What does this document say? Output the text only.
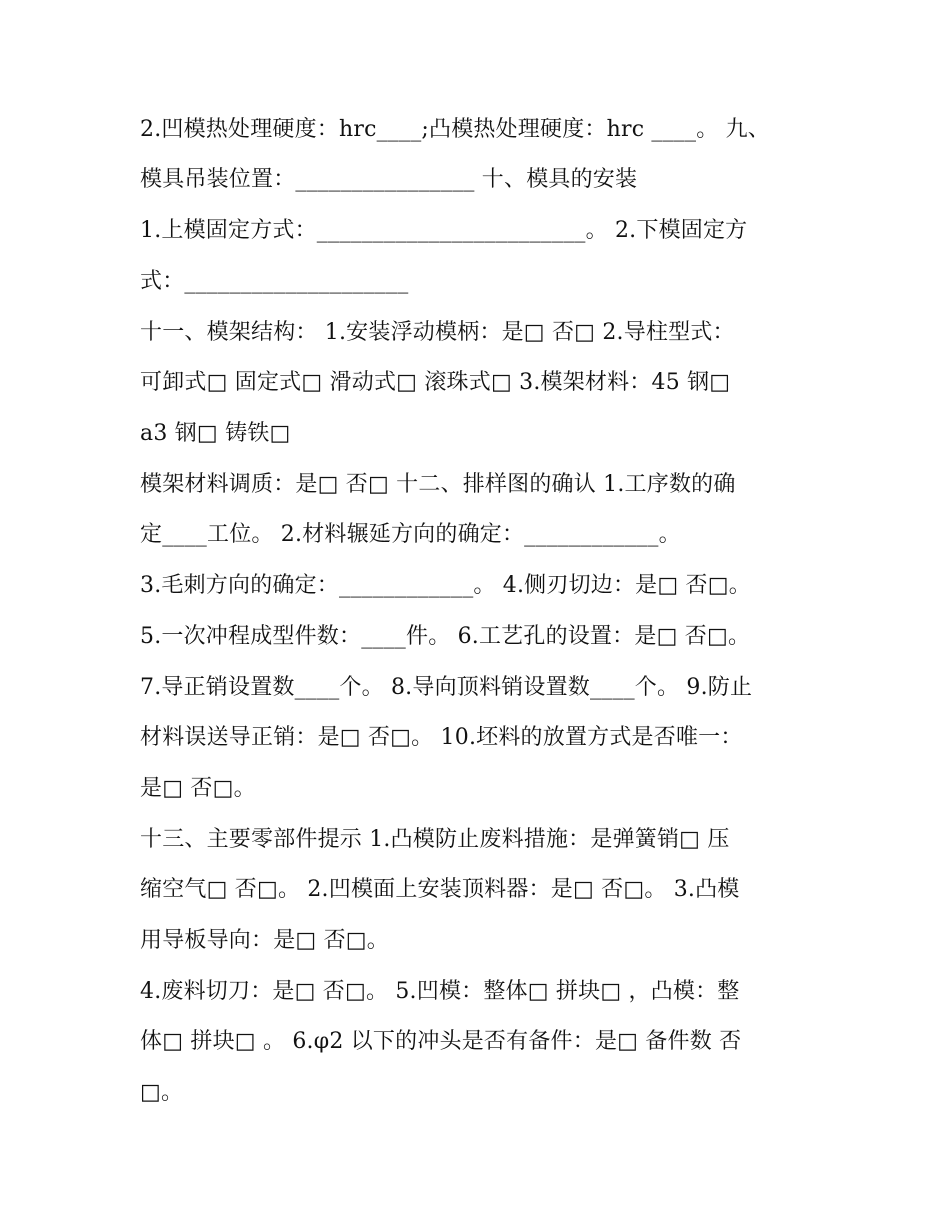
2.凹模热处理硬度：hrc____;凸模热处理硬度：hrc ____。 九、
模具吊装位置：________________ 十、模具的安装
1.上模固定方式：________________________。 2.下模固定方
式：____________________
十一、模架结构： 1.安装浮动模柄：是□ 否□ 2.导柱型式：
可卸式□ 固定式□ 滑动式□ 滚珠式□ 3.模架材料：45 钢□
a3 钢□ 铸铁□
模架材料调质：是□ 否□ 十二、排样图的确认 1.工序数的确
定____工位。 2.材料辗延方向的确定：____________。
3.毛刺方向的确定：____________。 4.侧刃切边：是□ 否□。
5.一次冲程成型件数：____件。 6.工艺孔的设置：是□ 否□。
7.导正销设置数____个。 8.导向顶料销设置数____个。 9.防止
材料误送导正销：是□ 否□。 10.坯料的放置方式是否唯一：
是□ 否□。
十三、主要零部件提示 1.凸模防止废料措施：是弹簧销□ 压
缩空气□ 否□。 2.凹模面上安装顶料器：是□ 否□。 3.凸模
用导板导向：是□ 否□。
4.废料切刀：是□ 否□。 5.凹模：整体□ 拼块□ ，凸模：整
体□ 拼块□ 。 6.φ2 以下的冲头是否有备件：是□ 备件数 否
□。
